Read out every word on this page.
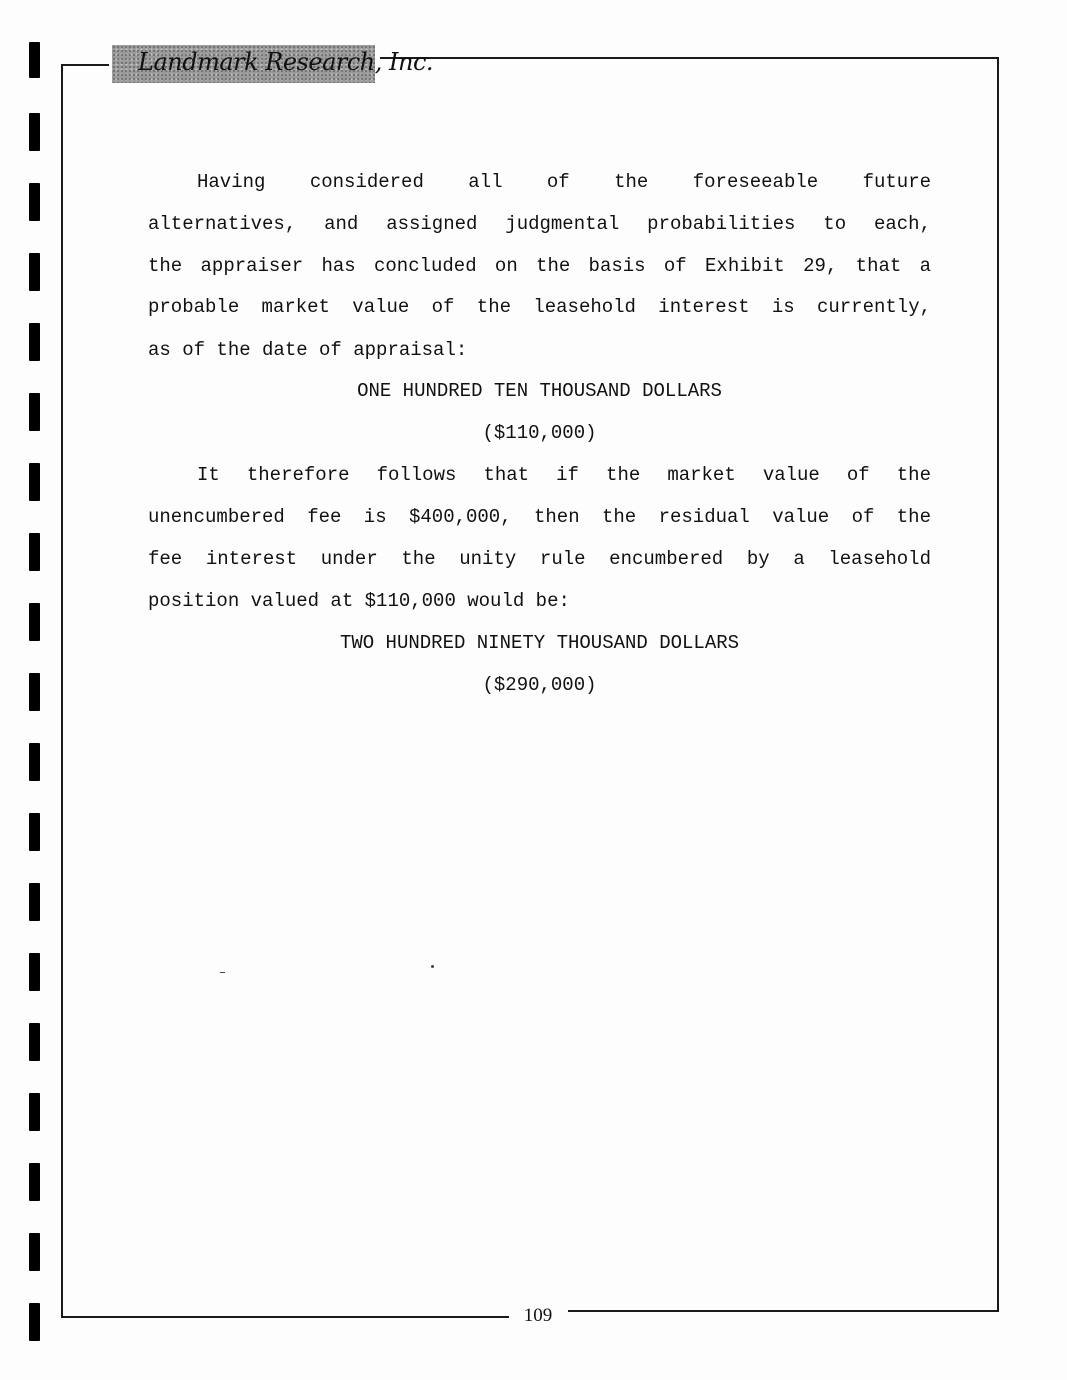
Landmark Research, Inc.
Having considered all of the foreseeable future
alternatives, and assigned judgmental probabilities to each,
the appraiser has concluded on the basis of Exhibit 29, that a
probable market value of the leasehold interest is currently,
as of the date of appraisal:
ONE HUNDRED TEN THOUSAND DOLLARS
($110,000)
It therefore follows that if the market value of the
unencumbered fee is $400,000, then the residual value of the
fee interest under the unity rule encumbered by a leasehold
position valued at $110,000 would be:
TWO HUNDRED NINETY THOUSAND DOLLARS
($290,000)
109
